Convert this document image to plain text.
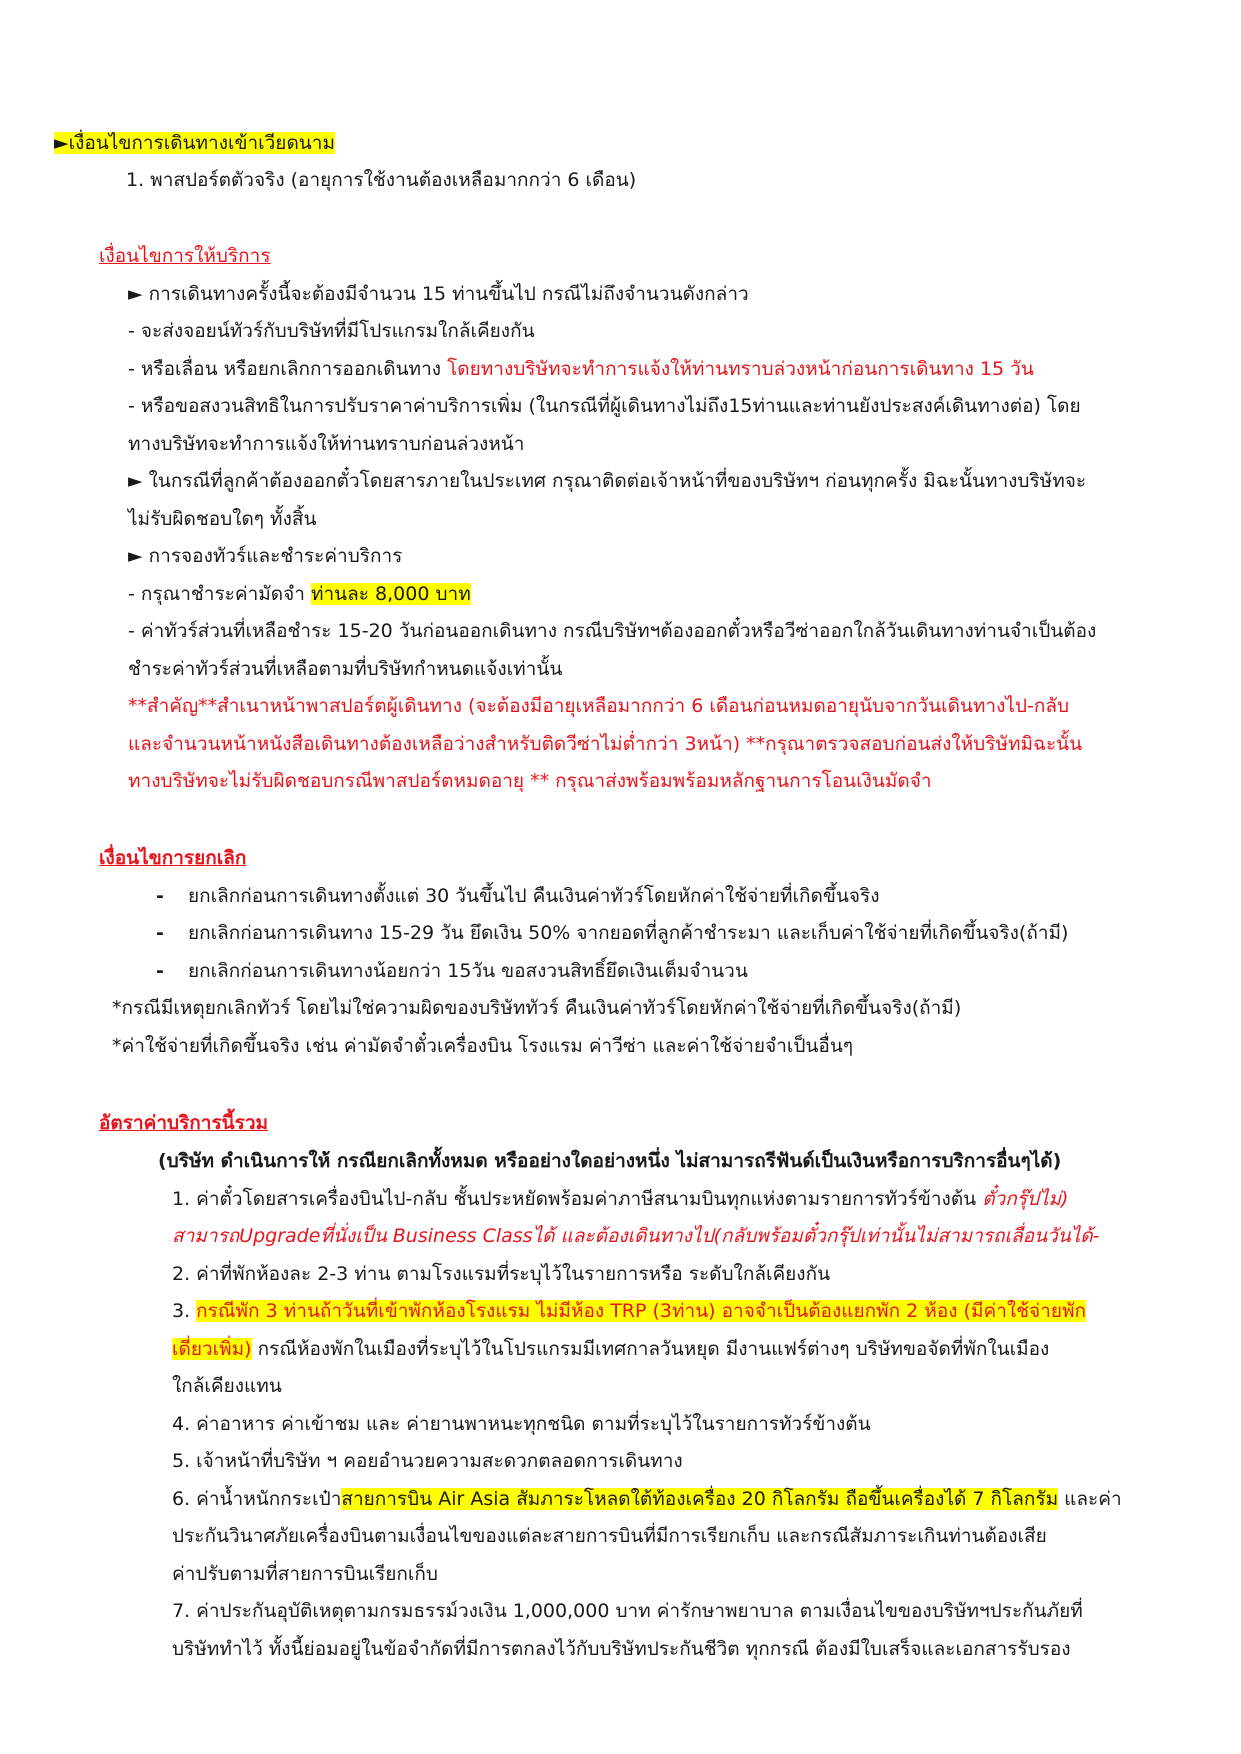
►เงื่อนไขการเดินทางเข้าเวียดนาม
1. พาสปอร์ตตัวจริง (อายุการใช้งานต้องเหลือมากกว่า 6 เดือน)
เงื่อนไขการให้บริการ
► การเดินทางครั้งนี้จะต้องมีจำนวน 15 ท่านขึ้นไป กรณีไม่ถึงจำนวนดังกล่าว
- จะส่งจอยน์ทัวร์กับบริษัทที่มีโปรแกรมใกล้เคียงกัน
- หรือเลื่อน หรือยกเลิกการออกเดินทาง โดยทางบริษัทจะทำการแจ้งให้ท่านทราบล่วงหน้าก่อนการเดินทาง 15 วัน
- หรือขอสงวนสิทธิในการปรับราคาค่าบริการเพิ่ม (ในกรณีที่ผู้เดินทางไม่ถึง15ท่านและท่านยังประสงค์เดินทางต่อ) โดย
ทางบริษัทจะทำการแจ้งให้ท่านทราบก่อนล่วงหน้า
► ในกรณีที่ลูกค้าต้องออกตั๋วโดยสารภายในประเทศ กรุณาติดต่อเจ้าหน้าที่ของบริษัทฯ ก่อนทุกครั้ง มิฉะนั้นทางบริษัทจะ
ไม่รับผิดชอบใดๆ ทั้งสิ้น
► การจองทัวร์และชำระค่าบริการ
- กรุณาชำระค่ามัดจำ ท่านละ 8,000 บาท
- ค่าทัวร์ส่วนที่เหลือชำระ 15-20 วันก่อนออกเดินทาง กรณีบริษัทฯต้องออกตั๋วหรือวีซ่าออกใกล้วันเดินทางท่านจำเป็นต้อง
ชำระค่าทัวร์ส่วนที่เหลือตามที่บริษัทกำหนดแจ้งเท่านั้น
**สำคัญ**สำเนาหน้าพาสปอร์ตผู้เดินทาง (จะต้องมีอายุเหลือมากกว่า 6 เดือนก่อนหมดอายุนับจากวันเดินทางไป-กลับ
และจำนวนหน้าหนังสือเดินทางต้องเหลือว่างสำหรับติดวีซ่าไม่ต่ำกว่า 3หน้า) **กรุณาตรวจสอบก่อนส่งให้บริษัทมิฉะนั้น
ทางบริษัทจะไม่รับผิดชอบกรณีพาสปอร์ตหมดอายุ ** กรุณาส่งพร้อมพร้อมหลักฐานการโอนเงินมัดจำ
เงื่อนไขการยกเลิก
- ยกเลิกก่อนการเดินทางตั้งแต่ 30 วันขึ้นไป คืนเงินค่าทัวร์โดยหักค่าใช้จ่ายที่เกิดขึ้นจริง
- ยกเลิกก่อนการเดินทาง 15-29 วัน ยึดเงิน 50% จากยอดที่ลูกค้าชำระมา และเก็บค่าใช้จ่ายที่เกิดขึ้นจริง(ถ้ามี)
- ยกเลิกก่อนการเดินทางน้อยกว่า 15วัน ขอสงวนสิทธิ์ยึดเงินเต็มจำนวน
*กรณีมีเหตุยกเลิกทัวร์ โดยไม่ใช่ความผิดของบริษัททัวร์ คืนเงินค่าทัวร์โดยหักค่าใช้จ่ายที่เกิดขึ้นจริง(ถ้ามี)
*ค่าใช้จ่ายที่เกิดขึ้นจริง เช่น ค่ามัดจำตั๋วเครื่องบิน โรงแรม ค่าวีซ่า และค่าใช้จ่ายจำเป็นอื่นๆ
อัตราค่าบริการนี้รวม
(บริษัท ดำเนินการให้ กรณียกเลิกทั้งหมด หรืออย่างใดอย่างหนึ่ง ไม่สามารถรีฟันด์เป็นเงินหรือการบริการอื่นๆได้)
1. ค่าตั๋วโดยสารเครื่องบินไป-กลับ ชั้นประหยัดพร้อมค่าภาษีสนามบินทุกแห่งตามรายการทัวร์ข้างต้น ตั๋วกรุ๊ปไม่)
สามารถUpgradeที่นั่งเป็น Business Classได้ และต้องเดินทางไป(กลับพร้อมตั๋วกรุ๊ปเท่านั้นไม่สามารถเลื่อนวันได้-
2. ค่าที่พักห้องละ 2-3 ท่าน ตามโรงแรมที่ระบุไว้ในรายการหรือ ระดับใกล้เคียงกัน
3. กรณีพัก 3 ท่านถ้าวันที่เข้าพักห้องโรงแรม ไม่มีห้อง TRP (3ท่าน) อาจจำเป็นต้องแยกพัก 2 ห้อง (มีค่าใช้จ่ายพัก
เดี่ยวเพิ่ม) กรณีห้องพักในเมืองที่ระบุไว้ในโปรแกรมมีเทศกาลวันหยุด มีงานแฟร์ต่างๆ บริษัทขอจัดที่พักในเมือง
ใกล้เคียงแทน
4. ค่าอาหาร ค่าเข้าชม และ ค่ายานพาหนะทุกชนิด ตามที่ระบุไว้ในรายการทัวร์ข้างต้น
5. เจ้าหน้าที่บริษัท ฯ คอยอำนวยความสะดวกตลอดการเดินทาง
6. ค่าน้ำหนักกระเป๋าสายการบิน Air Asia สัมภาระโหลดใต้ท้องเครื่อง 20 กิโลกรัม ถือขึ้นเครื่องได้ 7 กิโลกรัม และค่า
ประกันวินาศภัยเครื่องบินตามเงื่อนไขของแต่ละสายการบินที่มีการเรียกเก็บ และกรณีสัมภาระเกินท่านต้องเสีย
ค่าปรับตามที่สายการบินเรียกเก็บ
7. ค่าประกันอุบัติเหตุตามกรมธรรม์วงเงิน 1,000,000 บาท ค่ารักษาพยาบาล ตามเงื่อนไขของบริษัทฯประกันภัยที่
บริษัททำไว้ ทั้งนี้ย่อมอยู่ในข้อจำกัดที่มีการตกลงไว้กับบริษัทประกันชีวิต ทุกกรณี ต้องมีใบเสร็จและเอกสารรับรอง
